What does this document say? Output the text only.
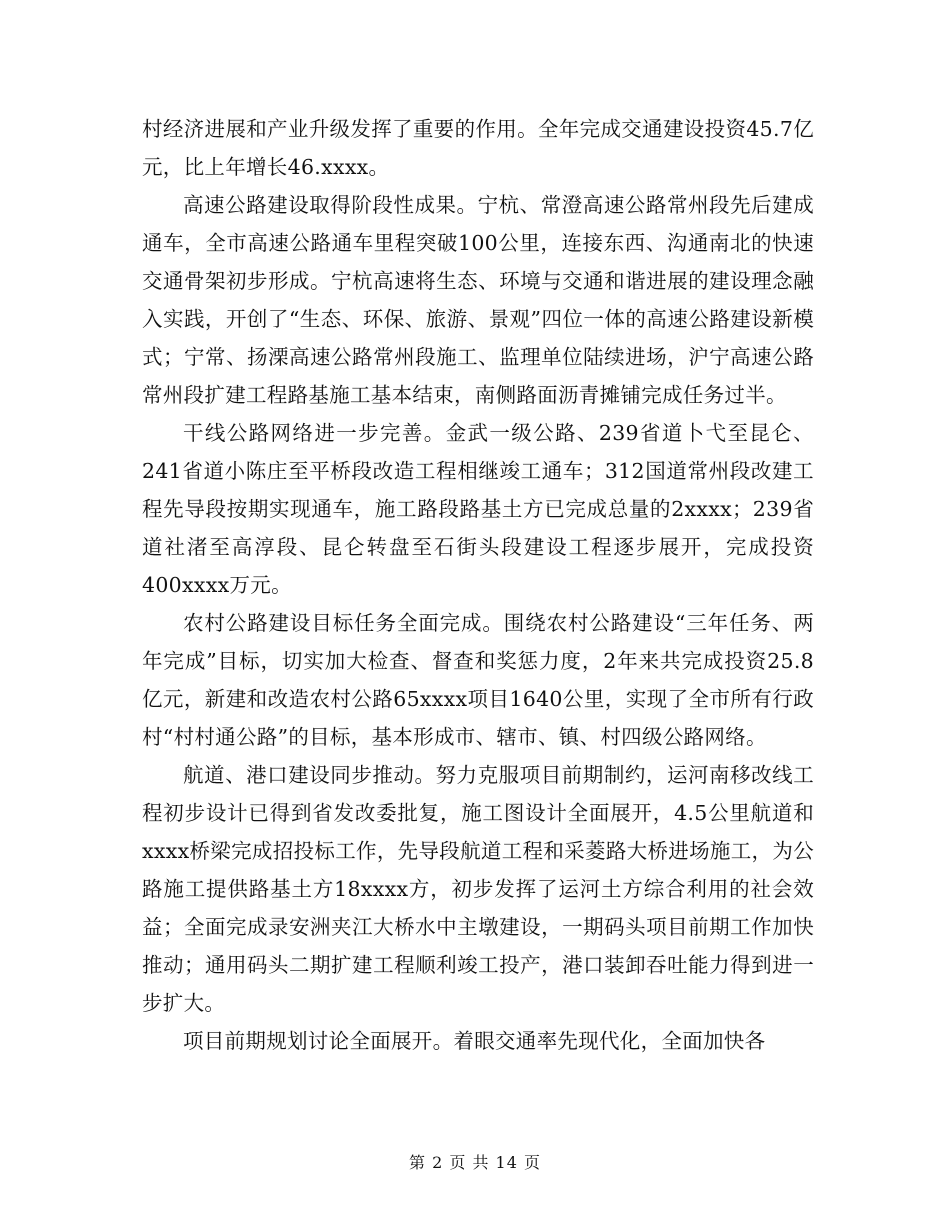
村经济进展和产业升级发挥了重要的作用。全年完成交通建设投资45.7亿元，比上年增长46.xxxx。

高速公路建设取得阶段性成果。宁杭、常澄高速公路常州段先后建成通车，全市高速公路通车里程突破100公里，连接东西、沟通南北的快速交通骨架初步形成。宁杭高速将生态、环境与交通和谐进展的建设理念融入实践，开创了“生态、环保、旅游、景观”四位一体的高速公路建设新模式；宁常、扬溧高速公路常州段施工、监理单位陆续进场，沪宁高速公路常州段扩建工程路基施工基本结束，南侧路面沥青摊铺完成任务过半。

干线公路网络进一步完善。金武一级公路、239省道卜弋至昆仑、241省道小陈庄至平桥段改造工程相继竣工通车；312国道常州段改建工程先导段按期实现通车，施工路段路基土方已完成总量的2xxxx；239省道社渚至高淳段、昆仑转盘至石街头段建设工程逐步展开，完成投资400xxxx万元。

农村公路建设目标任务全面完成。围绕农村公路建设“三年任务、两年完成”目标，切实加大检查、督查和奖惩力度，2年来共完成投资25.8亿元，新建和改造农村公路65xxxx项目1640公里，实现了全市所有行政村“村村通公路”的目标，基本形成市、辖市、镇、村四级公路网络。

航道、港口建设同步推动。努力克服项目前期制约，运河南移改线工程初步设计已得到省发改委批复，施工图设计全面展开，4.5公里航道和xxxx桥梁完成招投标工作，先导段航道工程和采菱路大桥进场施工，为公路施工提供路基土方18xxxx方，初步发挥了运河土方综合利用的社会效益；全面完成录安洲夹江大桥水中主墩建设，一期码头项目前期工作加快推动；通用码头二期扩建工程顺利竣工投产，港口装卸吞吐能力得到进一步扩大。

项目前期规划讨论全面展开。着眼交通率先现代化，全面加快各

第 2 页 共 14 页
